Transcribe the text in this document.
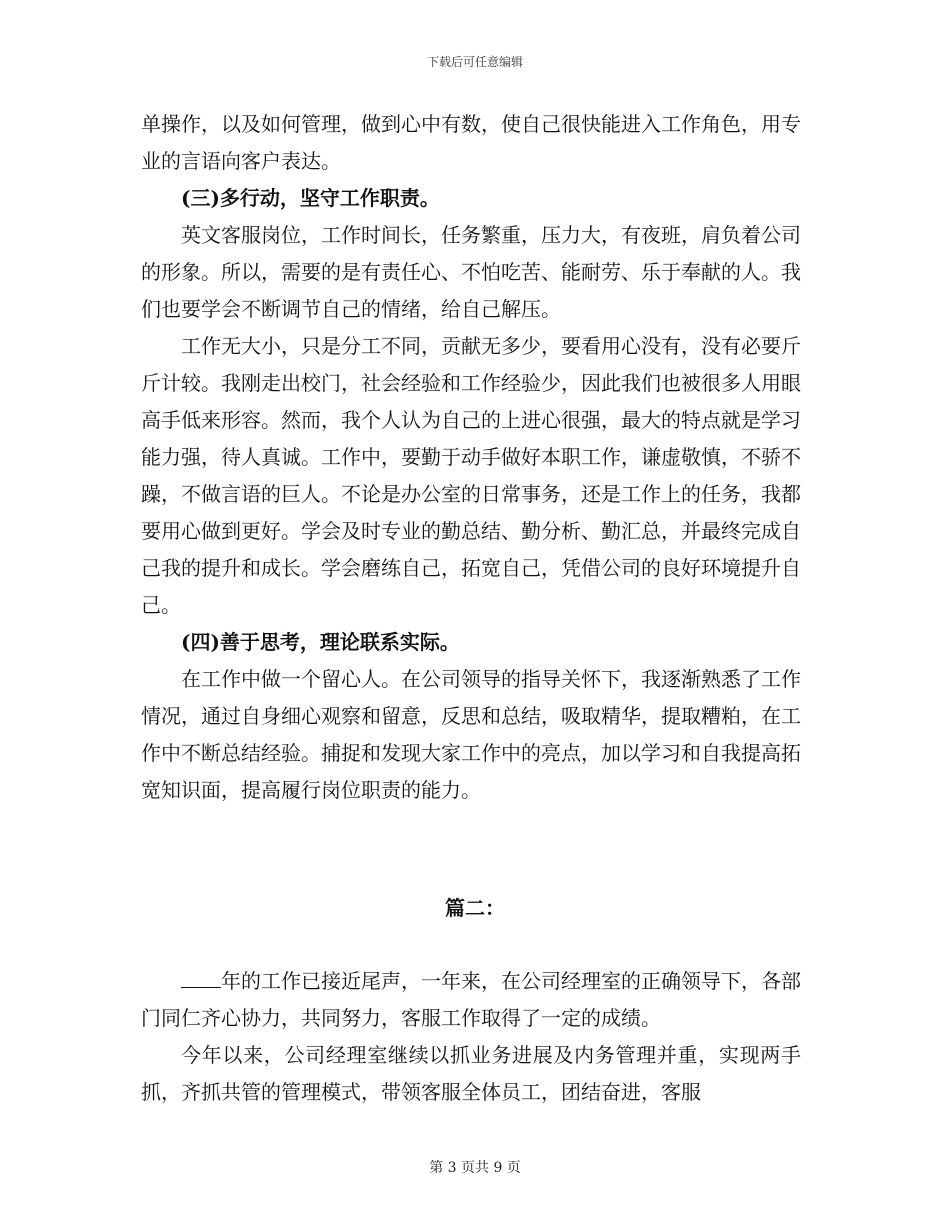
下载后可任意编辑

单操作，以及如何管理，做到心中有数，使自己很快能进入工作角色，用专业的言语向客户表达。

(三)多行动，坚守工作职责。

英文客服岗位，工作时间长，任务繁重，压力大，有夜班，肩负着公司的形象。所以，需要的是有责任心、不怕吃苦、能耐劳、乐于奉献的人。我们也要学会不断调节自己的情绪，给自己解压。

工作无大小，只是分工不同，贡献无多少，要看用心没有，没有必要斤斤计较。我刚走出校门，社会经验和工作经验少，因此我们也被很多人用眼高手低来形容。然而，我个人认为自己的上进心很强，最大的特点就是学习能力强，待人真诚。工作中，要勤于动手做好本职工作，谦虚敬慎，不骄不躁，不做言语的巨人。不论是办公室的日常事务，还是工作上的任务，我都要用心做到更好。学会及时专业的勤总结、勤分析、勤汇总，并最终完成自己我的提升和成长。学会磨练自己，拓宽自己，凭借公司的良好环境提升自己。

(四)善于思考，理论联系实际。

在工作中做一个留心人。在公司领导的指导关怀下，我逐渐熟悉了工作情况，通过自身细心观察和留意，反思和总结，吸取精华，提取糟粕，在工作中不断总结经验。捕捉和发现大家工作中的亮点，加以学习和自我提高拓宽知识面，提高履行岗位职责的能力。

篇二：

年的工作已接近尾声，一年来，在公司经理室的正确领导下，各部门同仁齐心协力，共同努力，客服工作取得了一定的成绩。

今年以来，公司经理室继续以抓业务进展及内务管理并重，实现两手抓，齐抓共管的管理模式，带领客服全体员工，团结奋进，客服

第 3 页共 9 页
